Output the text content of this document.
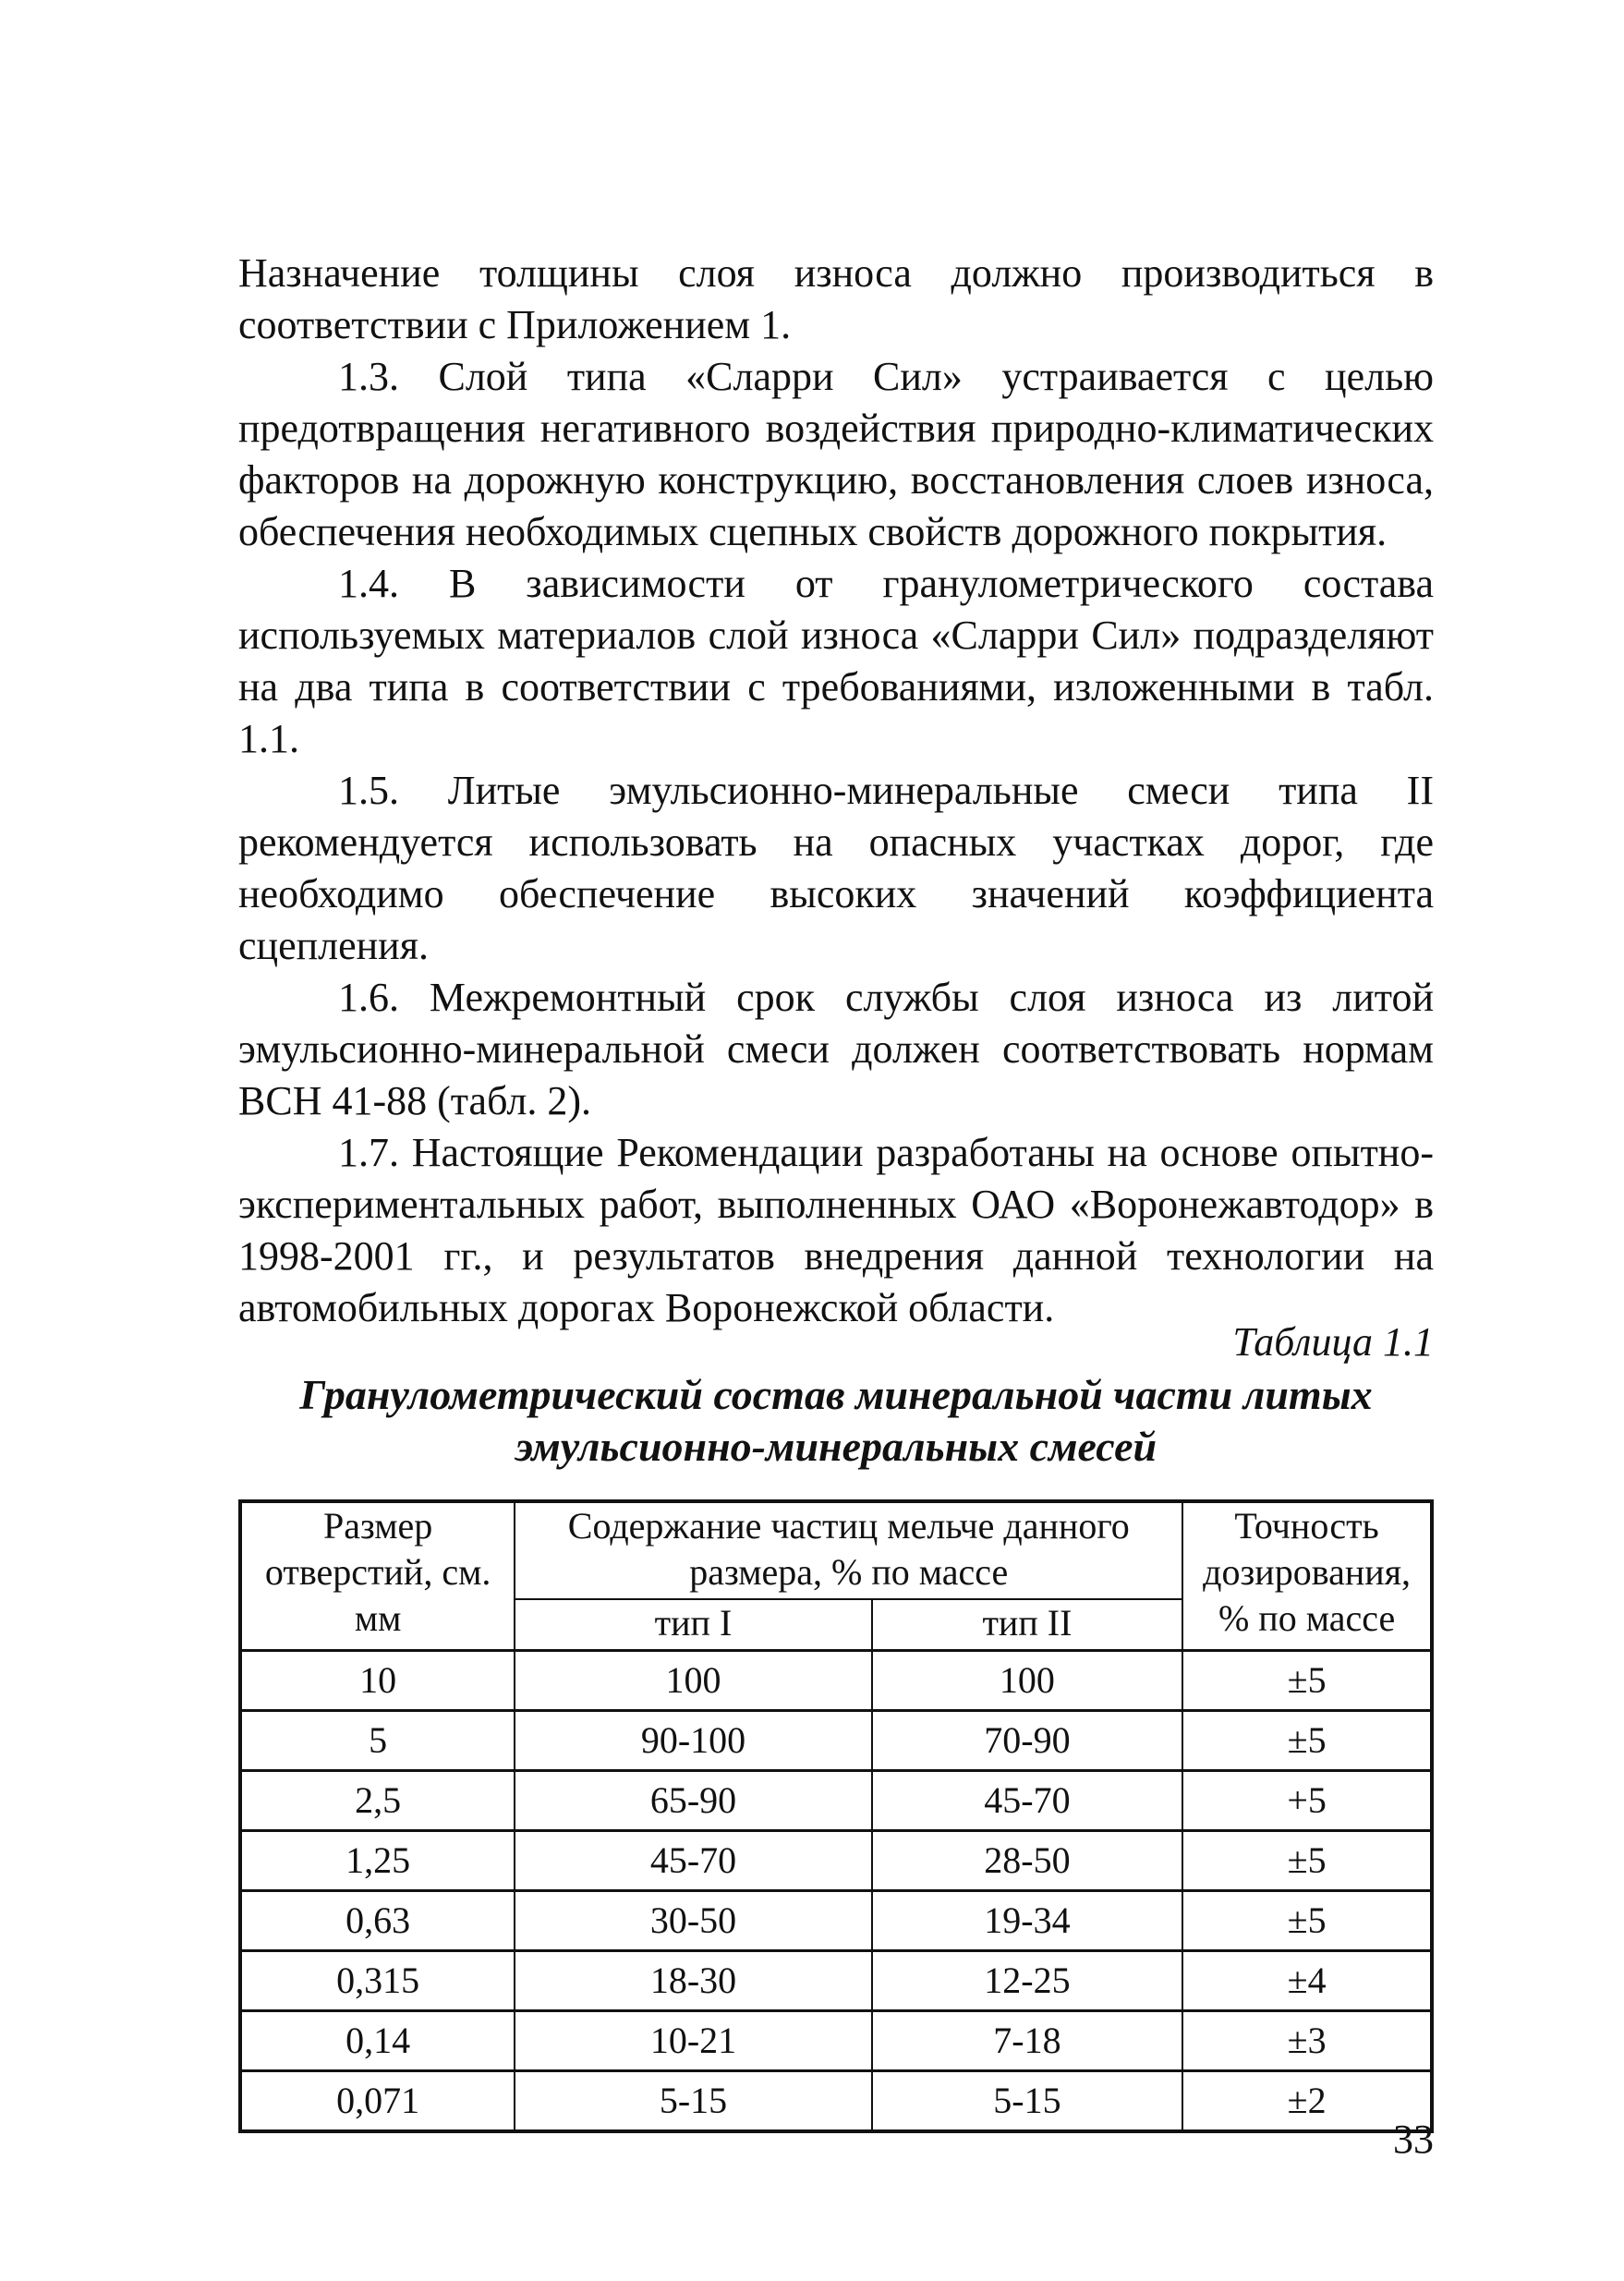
Назначение толщины слоя износа должно производиться в соответствии с Приложением 1.

1.3. Слой типа «Сларри Сил» устраивается с целью предотвращения негативного воздействия природно-климатических факторов на дорожную конструкцию, восстановления слоев износа, обеспечения необходимых сцепных свойств дорожного покрытия.

1.4. В зависимости от гранулометрического состава используемых материалов слой износа «Сларри Сил» подразделяют на два типа в соответствии с требованиями, изложенными в табл. 1.1.

1.5. Литые эмульсионно-минеральные смеси типа II рекомендуется использовать на опасных участках дорог, где необходимо обеспечение высоких значений коэффициента сцепления.

1.6. Межремонтный срок службы слоя износа из литой эмульсионно-минеральной смеси должен соответствовать нормам ВСН 41-88 (табл. 2).

1.7. Настоящие Рекомендации разработаны на основе опытно-экспериментальных работ, выполненных ОАО «Воронежавтодор» в 1998-2001 гг., и результатов внедрения данной технологии на автомобильных дорогах Воронежской области.

Таблица 1.1
Гранулометрический состав минеральной части литых
эмульсионно-минеральных смесей
Размер отверстий, см. мм	Содержание частиц мельче данного размера, % по массе		Точность дозирования, % по массе
	тип I	тип II	
10	100	100	±5
5	90-100	70-90	±5
2,5	65-90	45-70	+5
1,25	45-70	28-50	±5
0,63	30-50	19-34	±5
0,315	18-30	12-25	±4
0,14	10-21	7-18	±3
0,071	5-15	5-15	±2
33
